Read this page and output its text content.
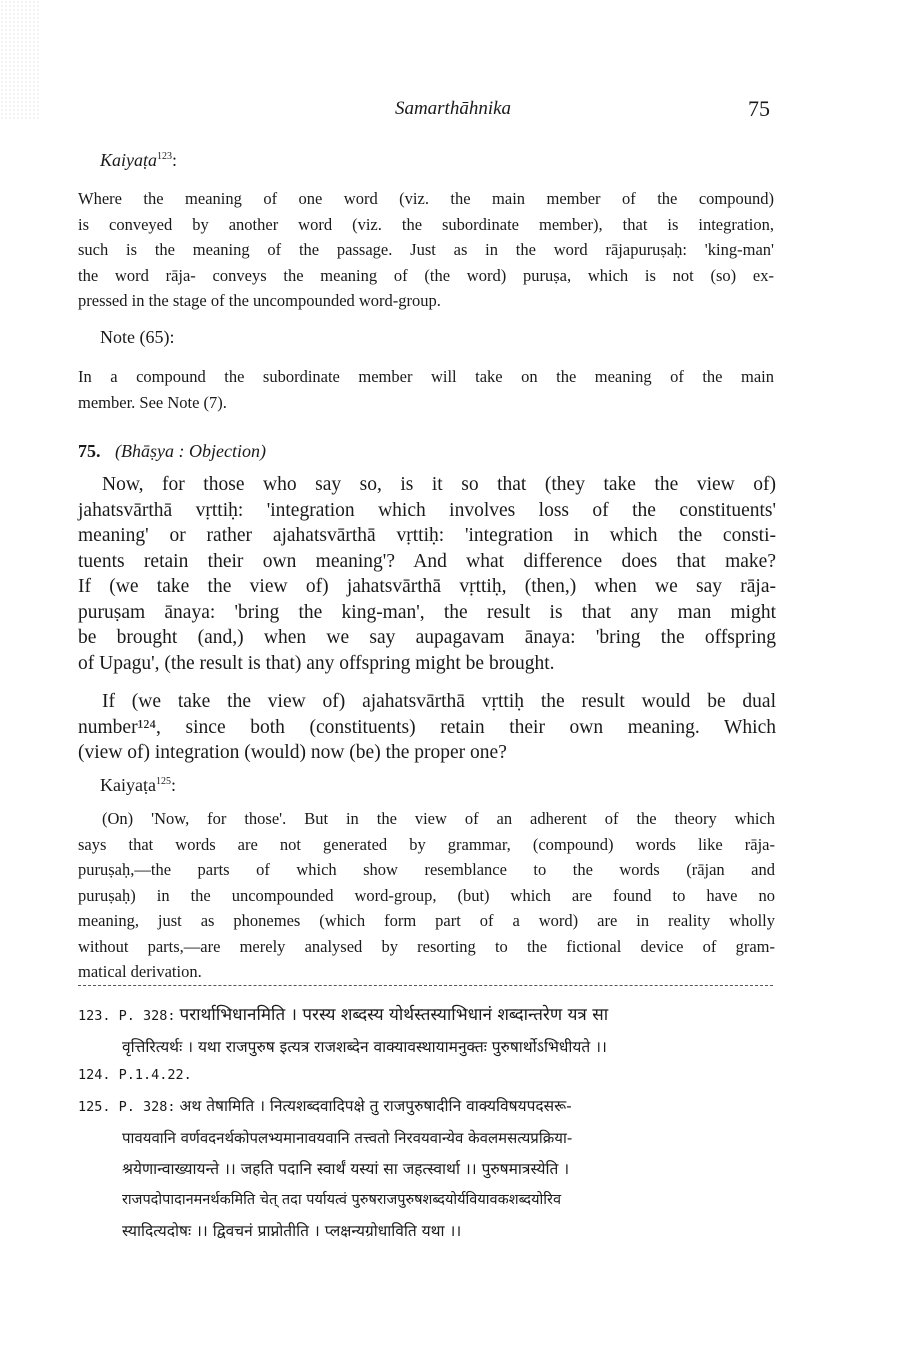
Samarthāhnika	75
Kaiyaṭa$^{123}$:
Where the meaning of one word (viz. the main member of the compound)
is conveyed by another word (viz. the subordinate member), that is integration,
such is the meaning of the passage. Just as in the word rājapuruṣaḥ: 'king-man'
the word rāja- conveys the meaning of (the word) puruṣa, which is not (so) ex-
pressed in the stage of the uncompounded word-group.
Note (65):
In a compound the subordinate member will take on the meaning of the main
member. See Note (7).
75. (Bhāṣya : Objection)
Now, for those who say so, is it so that (they take the view of)
jahatsvārthā vṛttiḥ: 'integration which involves loss of the constituents'
meaning' or rather ajahatsvārthā vṛttiḥ: 'integration in which the consti-
tuents retain their own meaning'? And what difference does that make?
If (we take the view of) jahatsvārthā vṛttiḥ, (then,) when we say rāja-
puruṣam ānaya: 'bring the king-man', the result is that any man might
be brought (and,) when we say aupagavam ānaya: 'bring the offspring
of Upagu', (the result is that) any offspring might be brought.
If (we take the view of) ajahatsvārthā vṛttiḥ the result would be dual
number¹²⁴, since both (constituents) retain their own meaning. Which
(view of) integration (would) now (be) the proper one?
Kaiyaṭa$^{125}$:
(On) 'Now, for those'. But in the view of an adherent of the theory which
says that words are not generated by grammar, (compound) words like rāja-
puruṣaḥ,—the parts of which show resemblance to the words (rājan and
puruṣaḥ) in the uncompounded word-group, (but) which are found to have no
meaning, just as phonemes (which form part of a word) are in reality wholly
without parts,—are merely analysed by resorting to the fictional device of gram-
matical derivation.
123. P. 328: परार्थाभिधानमिति । परस्य शब्दस्य योर्थस्तस्याभिधानं शब्दान्तरेण यत्र सा
वृत्तिरित्यर्थः । यथा राजपुरुष इत्यत्र राजशब्देन वाक्यावस्थायामनुक्तः पुरुषार्थोऽभिधीयते ।।
124. P.1.4.22.
125. P. 328: अथ तेषामिति । नित्यशब्दवादिपक्षे तु राजपुरुषादीनि वाक्यविषयपदसरू-
पावयवानि वर्णवदनर्थकोपलभ्यमानावयवानि तत्त्वतो निरवयवान्येव केवलमसत्यप्रक्रिया-
श्रयेणान्वाख्यायन्ते ।। जहति पदानि स्वार्थं यस्यां सा जहत्स्वार्था ।। पुरुषमात्रस्येति ।
राजपदोपादानमनर्थकमिति चेत् तदा पर्यायत्वं पुरुषराजपुरुषशब्दयोर्यवियावकशब्दयोरिव
स्यादित्यदोषः ।। द्विवचनं प्राप्नोतीति । प्लक्षन्यग्रोधाविति यथा ।।
